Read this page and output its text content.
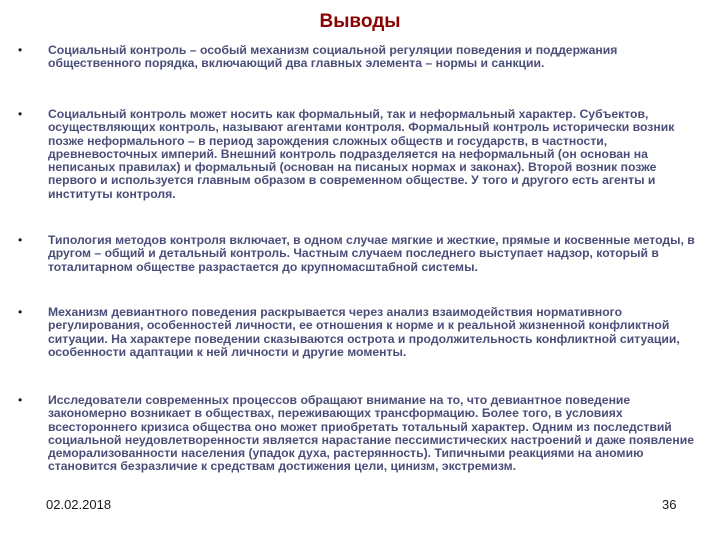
Выводы
•	Социальный контроль – особый механизм социальной регуляции поведения и поддержания общественного порядка, включающий два главных элемента – нормы и санкции.
•	Социальный контроль может носить как формальный, так и неформальный характер. Субъектов, осуществляющих контроль, называют агентами контроля. Формальный контроль исторически возник позже неформального – в период зарождения сложных обществ и государств, в частности, древневосточных империй. Внешний контроль подразделяется на неформальный (он основан на неписаных правилах) и формальный (основан на писаных нормах и законах). Второй возник позже первого и используется главным образом в современном обществе. У того и другого есть агенты и институты контроля.
•	Типология методов контроля включает, в одном случае мягкие и жесткие, прямые и косвенные методы, в другом – общий и детальный контроль. Частным случаем последнего выступает надзор, который в тоталитарном обществе разрастается до крупномасштабной системы.
•	Механизм девиантного поведения раскрывается через анализ взаимодействия нормативного регулирования, особенностей личности, ее отношения к норме и к реальной жизненной конфликтной ситуации. На характере поведении сказываются острота и продолжительность конфликтной ситуации, особенности адаптации к ней личности и другие моменты.
•	Исследователи современных процессов обращают внимание на то, что девиантное поведение закономерно возникает в обществах, переживающих трансформацию. Более того, в условиях всестороннего кризиса общества оно может приобретать тотальный характер. Одним из последствий социальной неудовлетворенности является нарастание пессимистических настроений и даже появление деморализованности населения (упадок духа, растерянность). Типичными реакциями на аномию становится безразличие к средствам достижения цели, цинизм, экстремизм.
02.02.2018	36
